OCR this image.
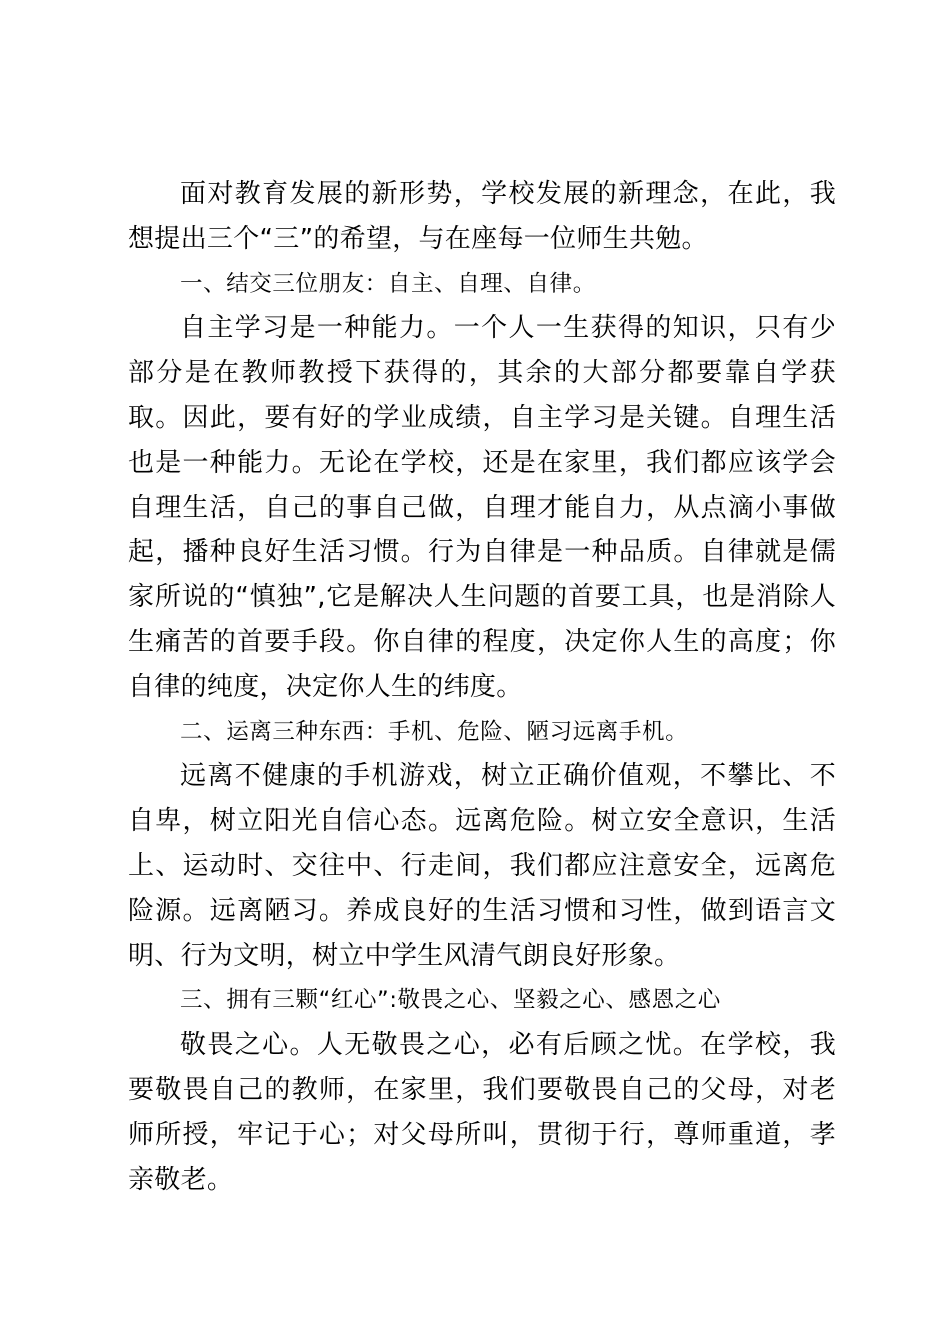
面对教育发展的新形势，学校发展的新理念，在此，我想提出三个“三”的希望，与在座每一位师生共勉。

一、结交三位朋友：自主、自理、自律。

自主学习是一种能力。一个人一生获得的知识，只有少部分是在教师教授下获得的，其余的大部分都要靠自学获取。因此，要有好的学业成绩，自主学习是关键。自理生活也是一种能力。无论在学校，还是在家里，我们都应该学会自理生活，自己的事自己做，自理才能自力，从点滴小事做起，播种良好生活习惯。行为自律是一种品质。自律就是儒家所说的“慎独”,它是解决人生问题的首要工具，也是消除人生痛苦的首要手段。你自律的程度，决定你人生的高度；你自律的纯度，决定你人生的纬度。

二、运离三种东西：手机、危险、陋习远离手机。

远离不健康的手机游戏，树立正确价值观，不攀比、不自卑，树立阳光自信心态。远离危险。树立安全意识，生活上、运动时、交往中、行走间，我们都应注意安全，远离危险源。远离陋习。养成良好的生活习惯和习性，做到语言文明、行为文明，树立中学生风清气朗良好形象。

三、拥有三颗“红心”:敬畏之心、坚毅之心、感恩之心

敬畏之心。人无敬畏之心，必有后顾之忧。在学校，我要敬畏自己的教师，在家里，我们要敬畏自己的父母，对老师所授，牢记于心；对父母所叫，贯彻于行，尊师重道，孝亲敬老。
